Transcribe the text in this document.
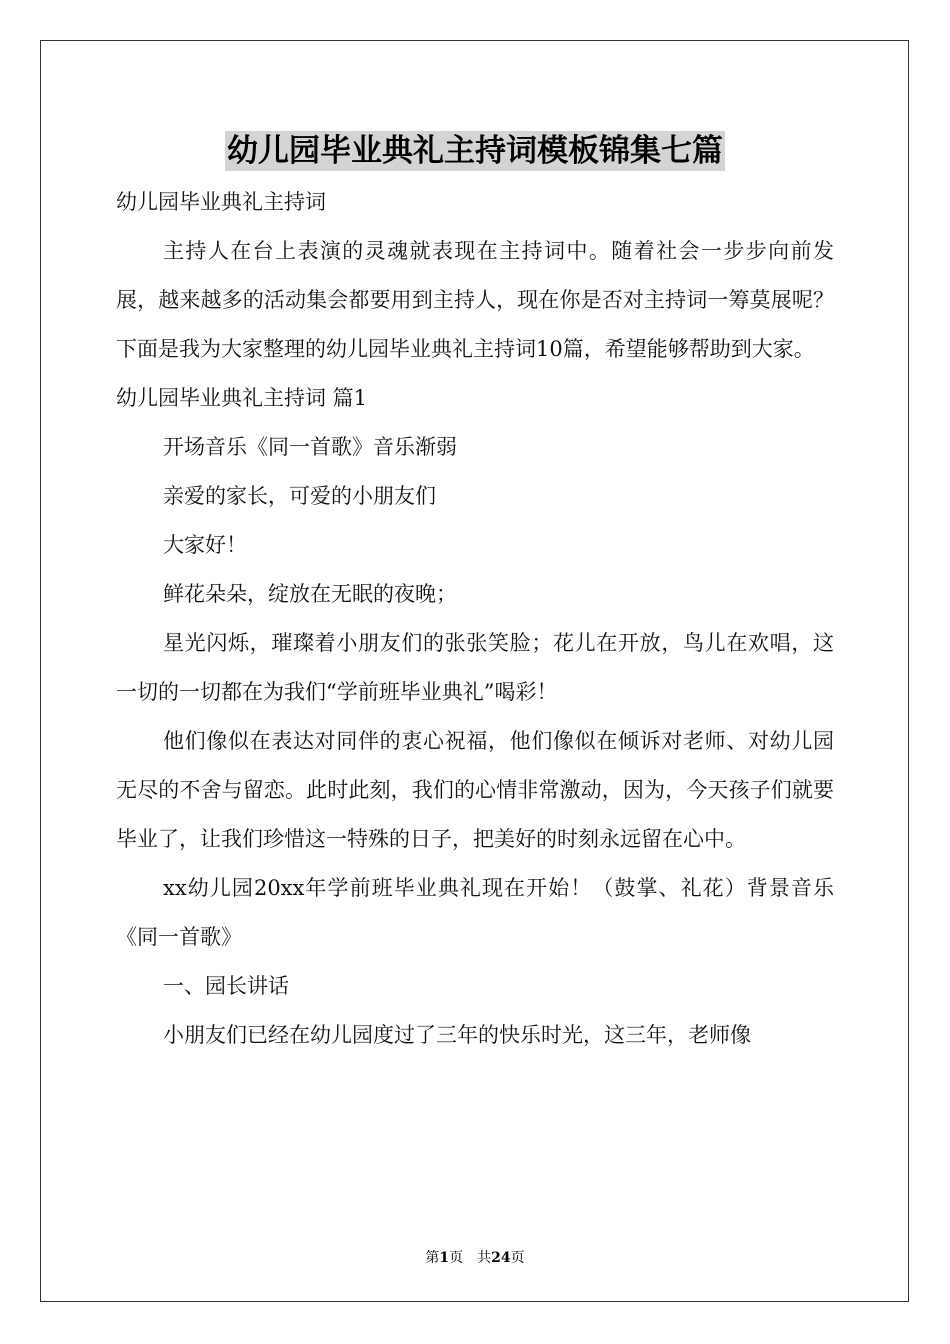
幼儿园毕业典礼主持词模板锦集七篇

幼儿园毕业典礼主持词

主持人在台上表演的灵魂就表现在主持词中。随着社会一步步向前发展，越来越多的活动集会都要用到主持人，现在你是否对主持词一筹莫展呢？下面是我为大家整理的幼儿园毕业典礼主持词10篇，希望能够帮助到大家。

幼儿园毕业典礼主持词 篇1

开场音乐《同一首歌》音乐渐弱

亲爱的家长，可爱的小朋友们

大家好！

鲜花朵朵，绽放在无眠的夜晚；

星光闪烁，璀璨着小朋友们的张张笑脸；花儿在开放，鸟儿在欢唱，这一切的一切都在为我们“学前班毕业典礼”喝彩！

他们像似在表达对同伴的衷心祝福，他们像似在倾诉对老师、对幼儿园无尽的不舍与留恋。此时此刻，我们的心情非常激动，因为，今天孩子们就要毕业了，让我们珍惜这一特殊的日子，把美好的时刻永远留在心中。

xx幼儿园20xx年学前班毕业典礼现在开始！（鼓掌、礼花）背景音乐《同一首歌》

一、园长讲话

小朋友们已经在幼儿园度过了三年的快乐时光，这三年，老师像

第1页 共24页
